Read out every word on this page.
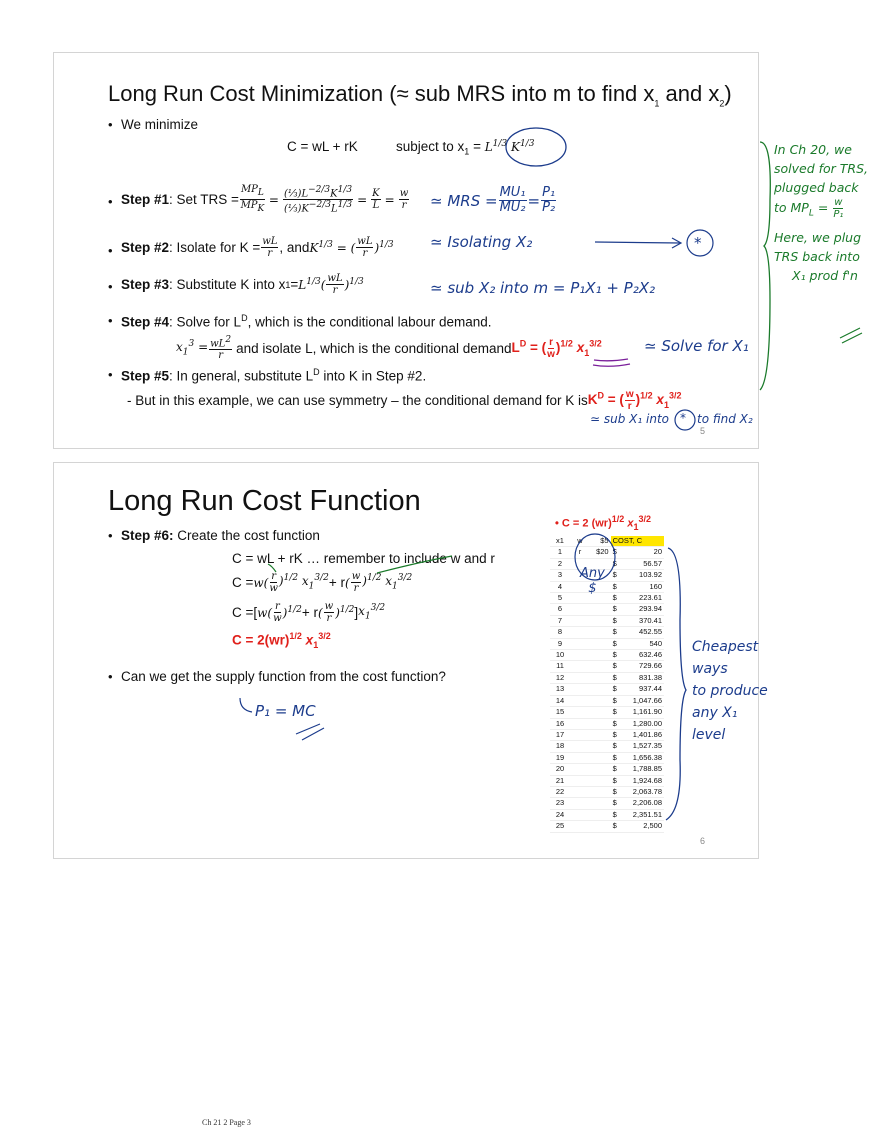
Long Run Cost Minimization (≈ sub MRS into m to find $x_1$ and $x_2$)
• We minimize
C = wL + rK	subject to $x_1 = L^{1/3}$ $K^{1/3}$
• Step #1 : Set TRS = $\frac{MP_L}{MP_K} = \frac{(\frac{1}{3})L^{-2/3}K^{1/3}}{(\frac{1}{3})K^{-2/3}L^{1/3}} = \frac{K}{L} = \frac{w}{r}$
• Step #2 : Isolate for $K = \frac{wL}{r}$ , and $K^{1/3}$ = ( $\frac{wL}{r} )^{1/3}$
• Step #3 : Substitute K into x $1 = L^{1/3}( \frac{wL}{r} )^{1/3}$
• Step #4: Solve for $L^D$, which is the conditional labour demand.
$x_1^3 = \frac{wL^2}{r}$ and isolate L, which is the conditional demand $L^D$ = ( $\frac{r}{w} )^{1/2}$ $x_1^{3/2}$
• Step #5: In general, substitute $L^D$ into K in Step #2.
- But in this example, we can use symmetry – the conditional demand for K is $K^D$ = ( $\frac{w}{r} )^{1/2}$ $x_1^{3/2}$
5
Long Run Cost Function
• Step #6: Create the cost function
C = wL + rK … remember to include w and r
$C = w( \frac{r}{w} )^{1/2}$ $x_1^{3/2} + r$ ( $\frac{w}{r} )^{1/2}$ $x_1^{3/2}$
C =[ $w( \frac{r}{w} )^{1/2} + r$ ( $\frac{w}{r} )^{1/2}$ ] $x_1^{3/2}$
C = 2(wr)$^{1/2}$ $x_1^{3/2}$
• Can we get the supply function from the cost function?
• C = 2 (wr)$^{1/2}$ $x_1^{3/2}$
x1	w	$5	COST, C	
1	r	$20	$	20
2			$	56.57
3			$	103.92
4			$	160
5			$	223.61
6			$	293.94
7			$	370.41
8			$	452.55
9			$	540
10			$	632.46
11			$	729.66
12			$	831.38
13			$	937.44
14			$	1,047.66
15			$	1,161.90
16			$	1,280.00
17			$	1,401.86
18			$	1,527.35
19			$	1,656.38
20			$	1,788.85
21			$	1,924.68
22			$	2,063.78
23			$	2,206.08
24			$	2,351.51
25			$	2,500
6
≃ MRS = $\frac{\text{MU₁}}{\text{MU₂}} = \frac{\text{P₁}}{\text{P₂}}$
≃ Isolating X₂	*
≃ sub X₂ into m = P₁X₁ + P₂X₂
≃ Solve for X₁
≃ sub X₁ into * to find X₂
In Ch 20, we
solved for TRS,
plugged back
to $MP_L = \frac{w}{\text{P₁}}$
Here, we plug
TRS back into
X₁ prod f'n
Any
$
Cheapest
ways
to produce
any X₁
level
P₁ = MC
Ch 21 2 Page 3
